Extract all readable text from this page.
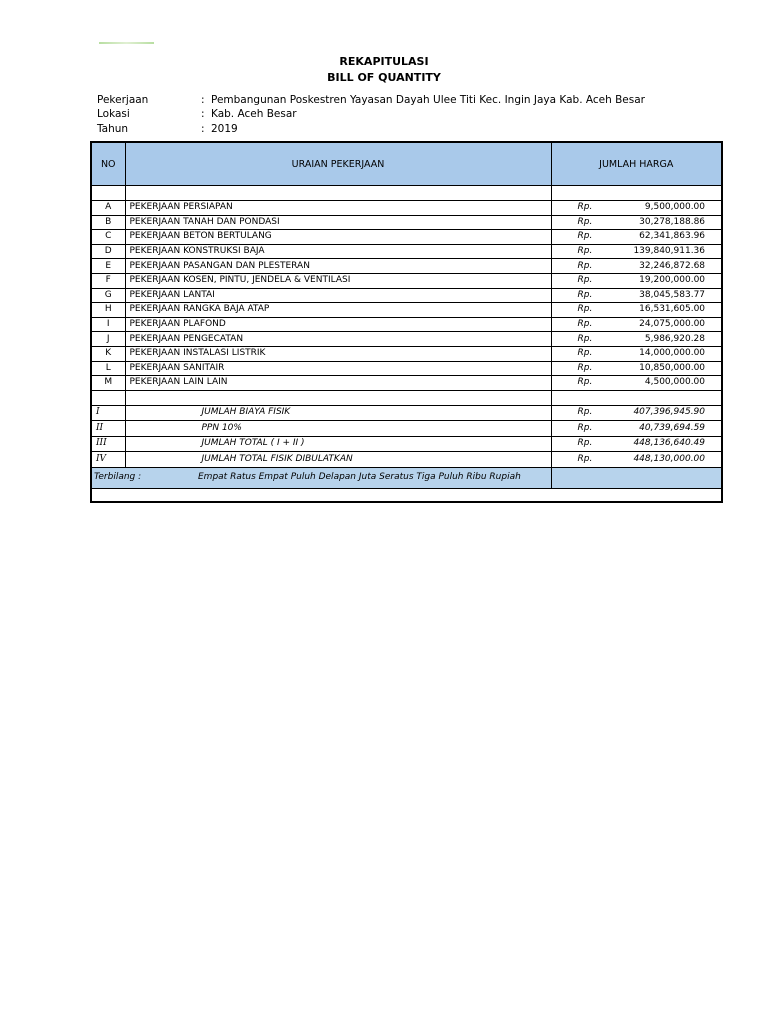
REKAPITULASI
BILL OF QUANTITY
Pekerjaan	: Pembangunan Poskestren Yayasan Dayah Ulee Titi Kec. Ingin Jaya Kab. Aceh Besar
Lokasi	: Kab. Aceh Besar
Tahun	: 2019
NO	URAIAN PEKERJAAN	JUMLAH HARGA	

A	PEKERJAAN PERSIAPAN	Rp.	9,500,000.00
B	PEKERJAAN TANAH DAN PONDASI	Rp.	30,278,188.86
C	PEKERJAAN BETON BERTULANG	Rp.	62,341,863.96
D	PEKERJAAN KONSTRUKSI BAJA	Rp.	139,840,911.36
E	PEKERJAAN PASANGAN DAN PLESTERAN	Rp.	32,246,872.68
F	PEKERJAAN KOSEN, PINTU, JENDELA & VENTILASI	Rp.	19,200,000.00
G	PEKERJAAN LANTAI	Rp.	38,045,583.77
H	PEKERJAAN RANGKA BAJA ATAP	Rp.	16,531,605.00
I	PEKERJAAN PLAFOND	Rp.	24,075,000.00
J	PEKERJAAN PENGECATAN	Rp.	5,986,920.28
K	PEKERJAAN INSTALASI LISTRIK	Rp.	14,000,000.00
L	PEKERJAAN SANITAIR	Rp.	10,850,000.00
M	PEKERJAAN LAIN LAIN	Rp.	4,500,000.00

I	JUMLAH BIAYA FISIK	Rp.	407,396,945.90
II	PPN 10%	Rp.	40,739,694.59
III	JUMLAH TOTAL ( I + II )	Rp.	448,136,640.49
IV	JUMLAH TOTAL FISIK DIBULATKAN	Rp.	448,130,000.00
Terbilang : Empat Ratus Empat Puluh Delapan Juta Seratus Tiga Puluh Ribu Rupiah			
